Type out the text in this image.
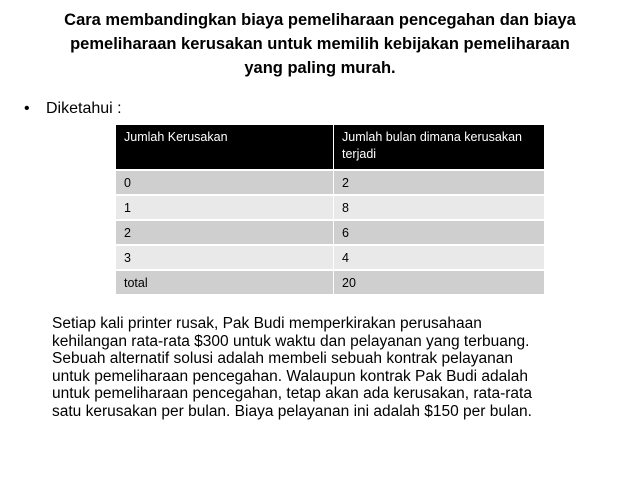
Cara membandingkan biaya pemeliharaan pencegahan dan biaya
pemeliharaan kerusakan untuk memilih kebijakan pemeliharaan
yang paling murah.
• Diketahui :
Jumlah Kerusakan	Jumlah bulan dimana kerusakan terjadi
0	2
1	8
2	6
3	4
total	20
Setiap kali printer rusak, Pak Budi memperkirakan perusahaan
kehilangan rata-rata $300 untuk waktu dan pelayanan yang terbuang.
Sebuah alternatif solusi adalah membeli sebuah kontrak pelayanan
untuk pemeliharaan pencegahan. Walaupun kontrak Pak Budi adalah
untuk pemeliharaan pencegahan, tetap akan ada kerusakan, rata-rata
satu kerusakan per bulan. Biaya pelayanan ini adalah $150 per bulan.
